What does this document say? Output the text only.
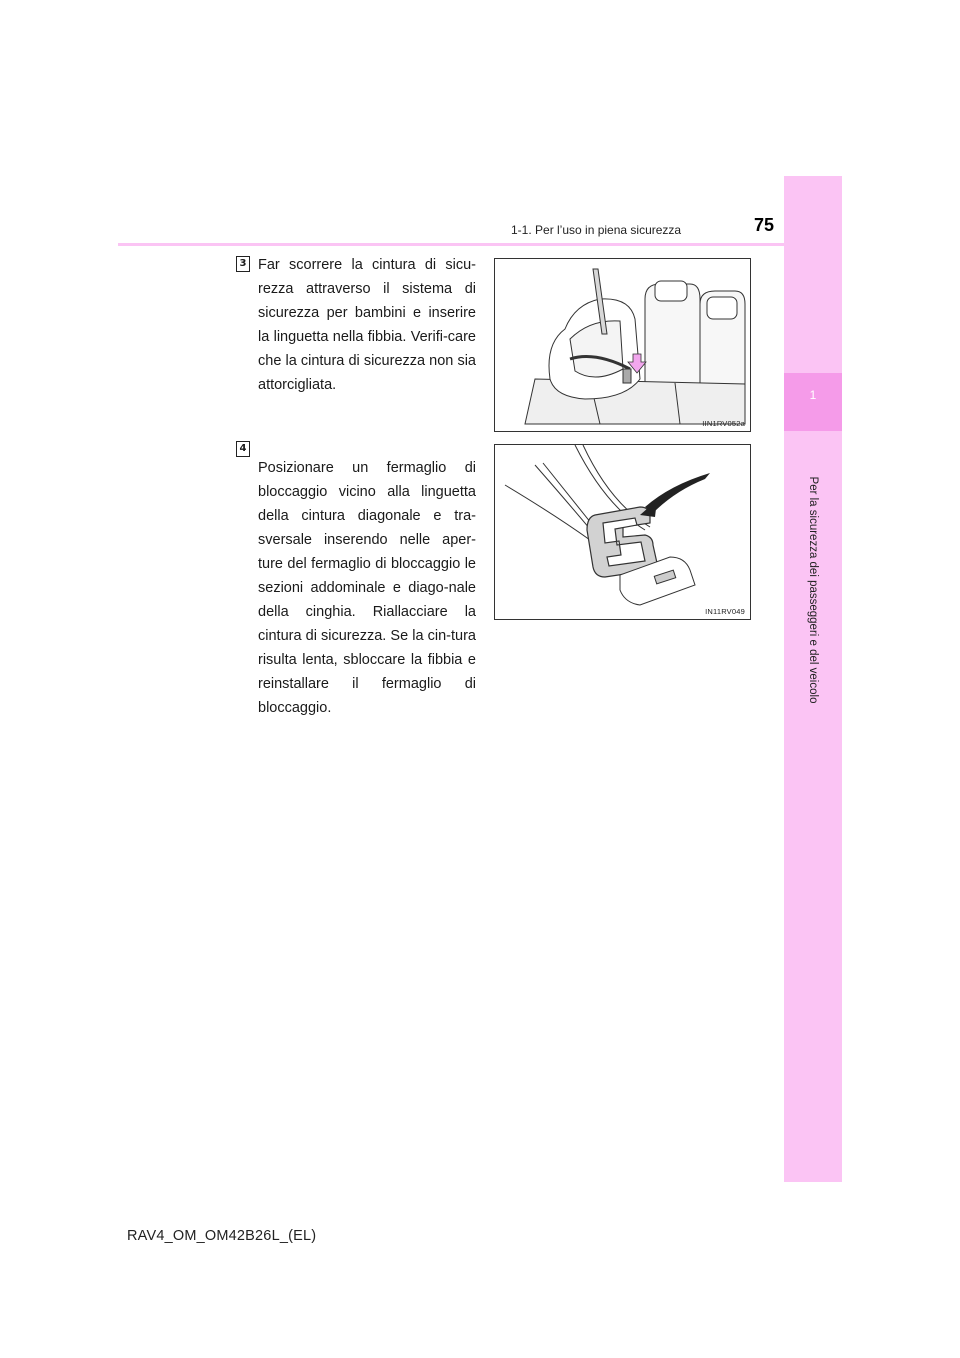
1
Per la sicurezza dei passeggeri e del veicolo
1-1. Per l’uso in piena sicurezza	75
3 Far scorrere la cintura di sicu-rezza attraverso il sistema di sicurezza per bambini e inserire la linguetta nella fibbia. Verifi-care che la cintura di sicurezza non sia attorcigliata.
IIN1RV052a
4
Posizionare un fermaglio di bloccaggio vicino alla linguetta della cintura diagonale e tra-sversale inserendo nelle aper-ture del fermaglio di bloccaggio le sezioni addominale e diago-nale della cinghia. Riallacciare la cintura di sicurezza. Se la cin-tura risulta lenta, sbloccare la fibbia e reinstallare il fermaglio di bloccaggio.
IN11RV049
RAV4_OM_OM42B26L_(EL)
